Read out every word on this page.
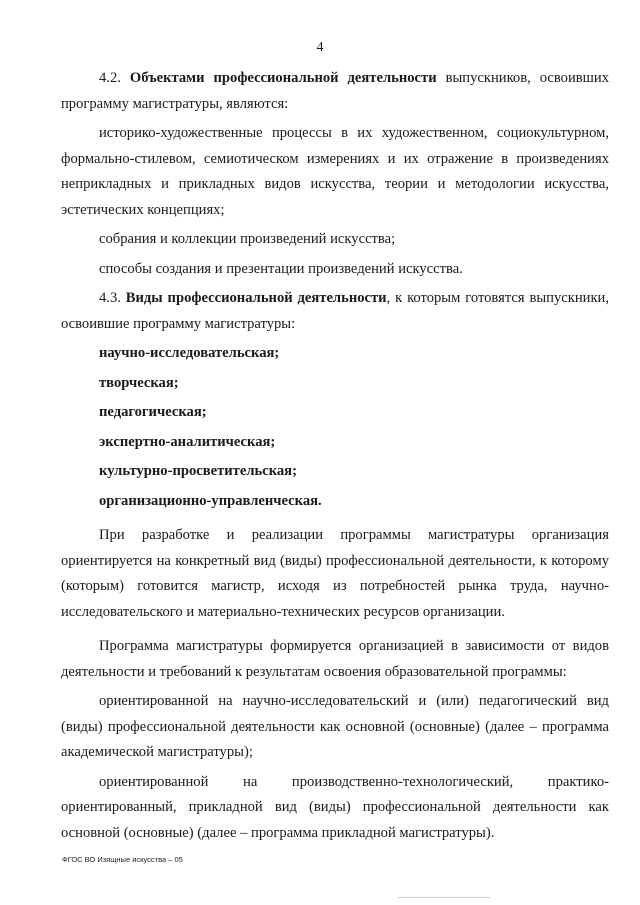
4

4.2. Объектами профессиональной деятельности выпускников, освоивших программу магистратуры, являются:

историко-художественные процессы в их художественном, социокультурном, формально-стилевом, семиотическом измерениях и их отражение в произведениях неприкладных и прикладных видов искусства, теории и методологии искусства, эстетических концепциях;

собрания и коллекции произведений искусства;

способы создания и презентации произведений искусства.

4.3. Виды профессиональной деятельности, к которым готовятся выпускники, освоившие программу магистратуры:

научно-исследовательская;

творческая;

педагогическая;

экспертно-аналитическая;

культурно-просветительская;

организационно-управленческая.

При разработке и реализации программы магистратуры организация ориентируется на конкретный вид (виды) профессиональной деятельности, к которому (которым) готовится магистр, исходя из потребностей рынка труда, научно-исследовательского и материально-технических ресурсов организации.

Программа магистратуры формируется организацией в зависимости от видов деятельности и требований к результатам освоения образовательной программы:

ориентированной на научно-исследовательский и (или) педагогический вид (виды) профессиональной деятельности как основной (основные) (далее – программа академической магистратуры);

ориентированной на производственно-технологический, практико-ориентированный, прикладной вид (виды) профессиональной деятельности как основной (основные) (далее – программа прикладной магистратуры).

ФГОС ВО Изящные искусства – 05
